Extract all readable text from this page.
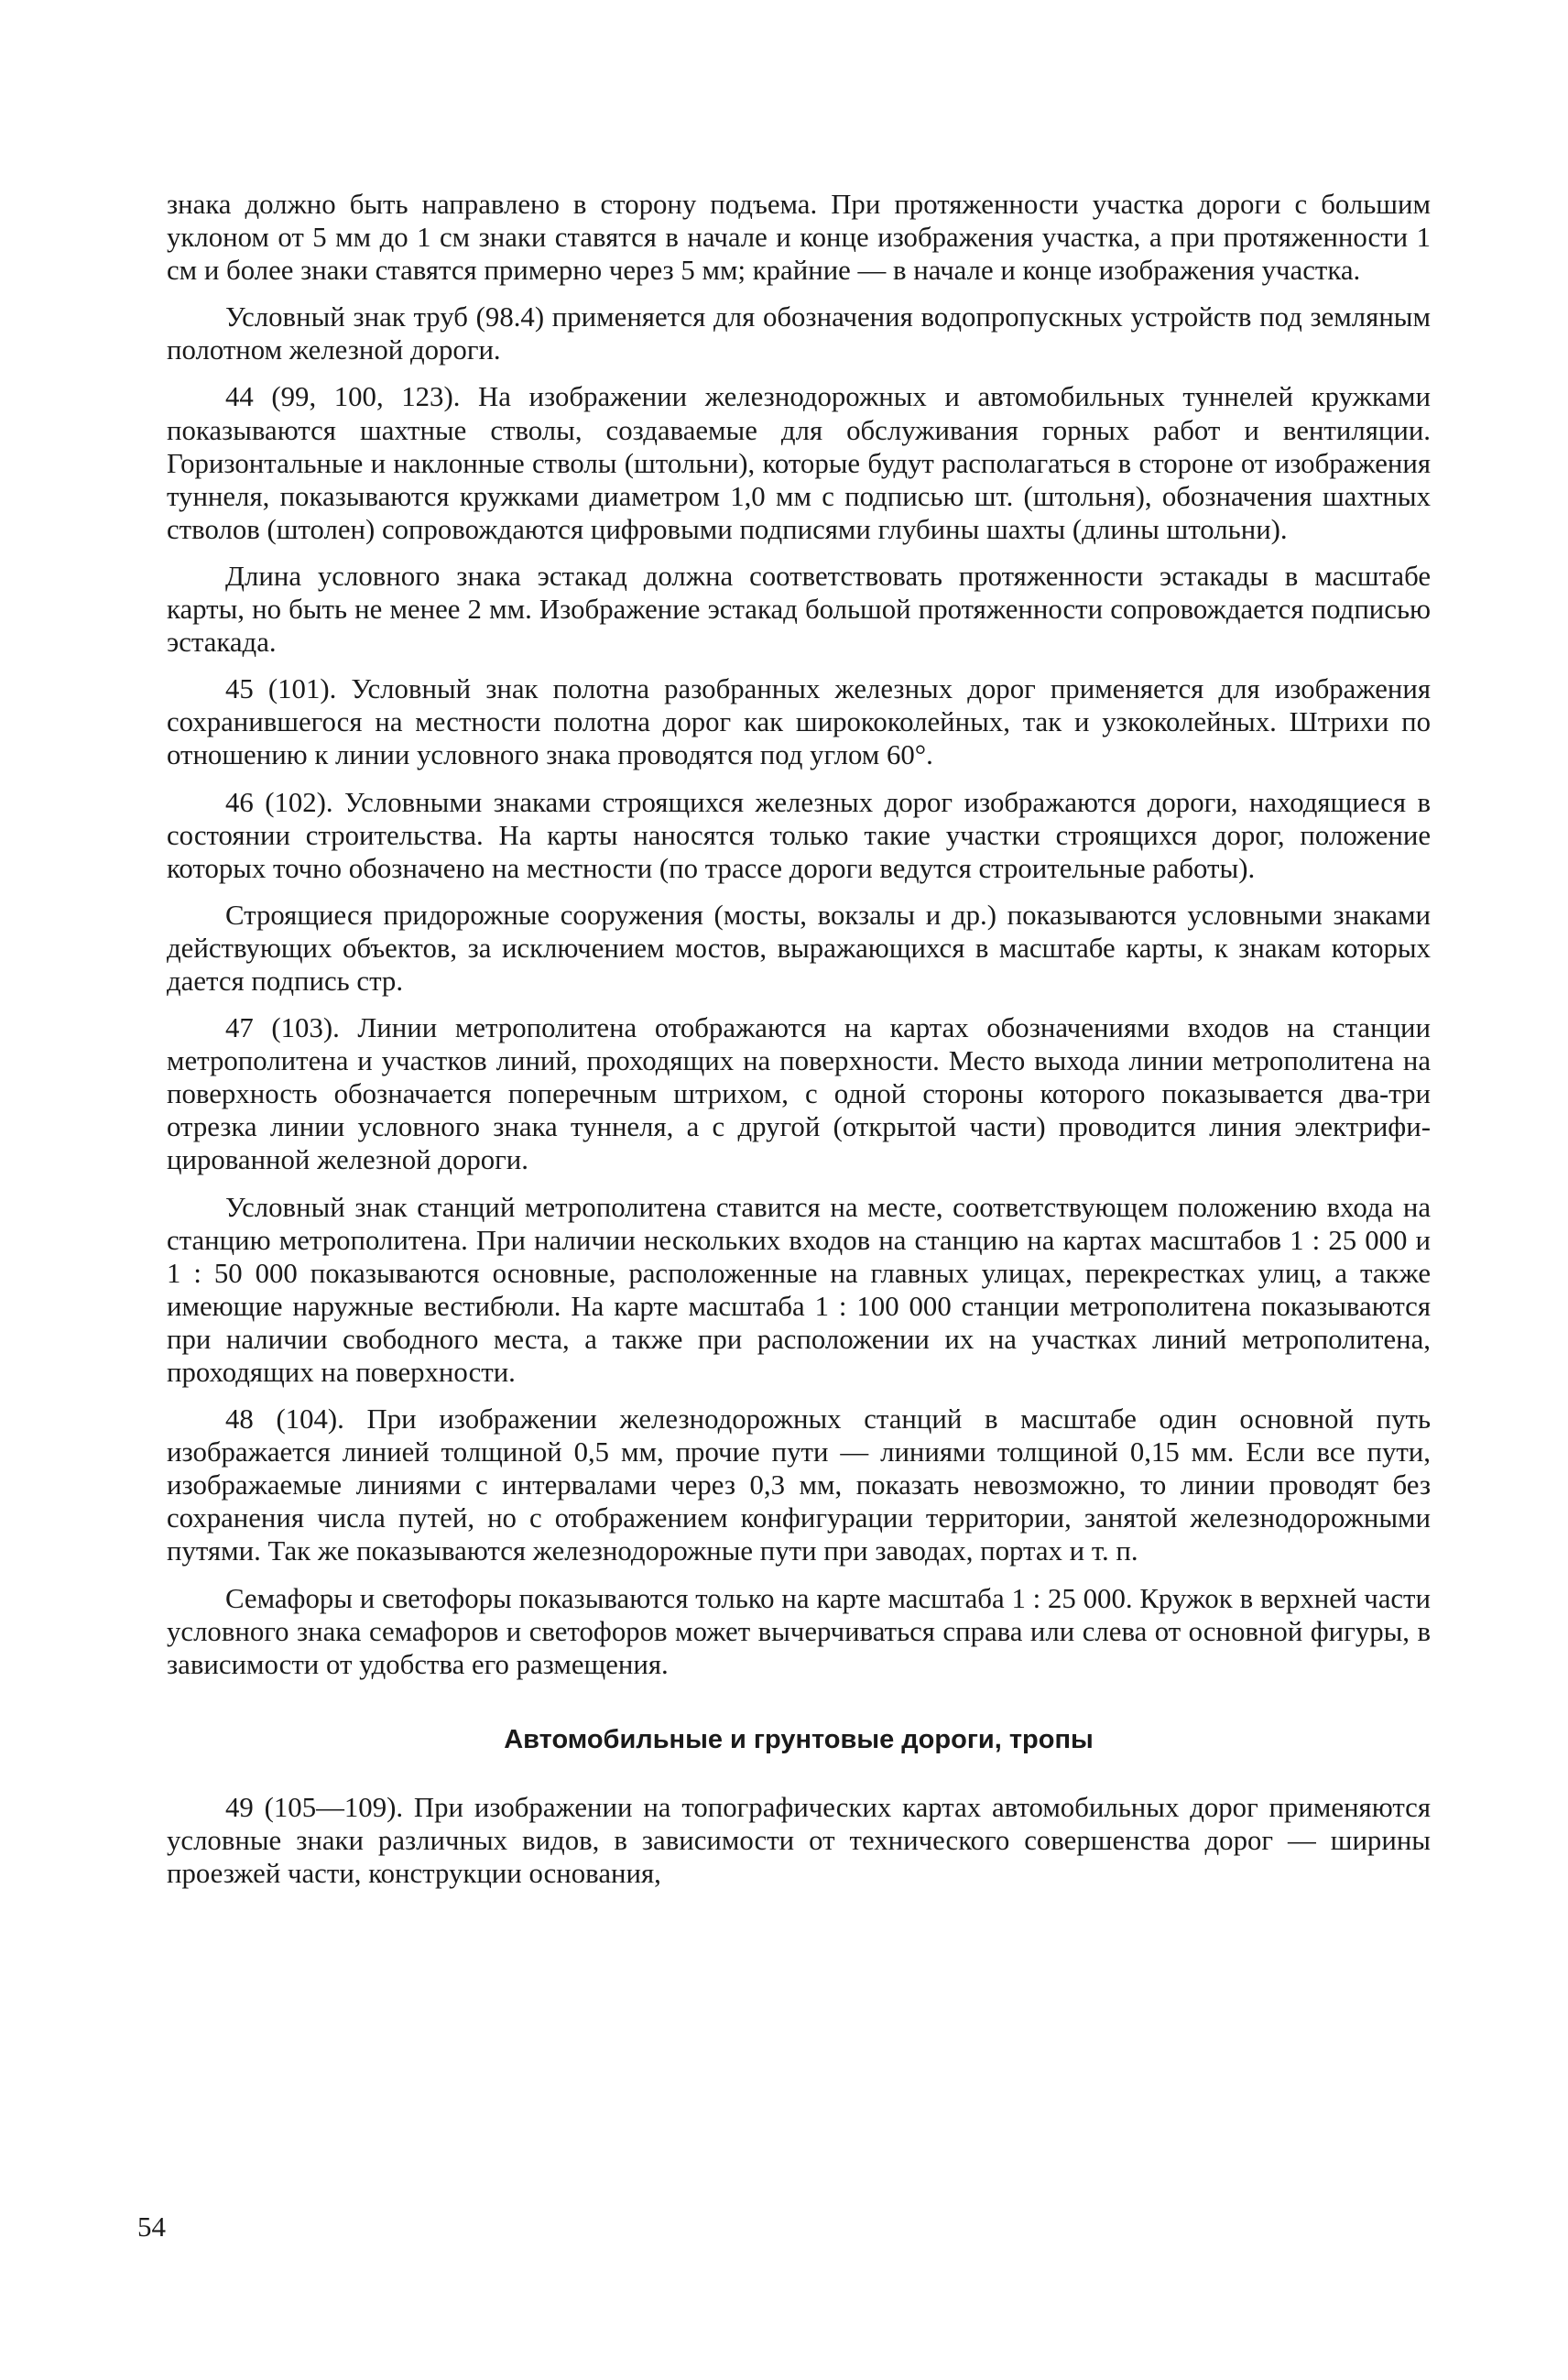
знака должно быть направлено в сторону подъема. При протяженности участка дороги с большим уклоном от 5 мм до 1 см знаки ставятся в начале и конце изображения участка, а при протяженности 1 см и более знаки ставятся примерно через 5 мм; крайние — в начале и конце изображения участка.

Условный знак труб (98.4) применяется для обозначения водопропускных устройств под земляным полотном железной дороги.

44 (99, 100, 123). На изображении железнодорожных и автомобильных туннелей кружками показываются шахтные стволы, создаваемые для обслуживания горных работ и вентиляции. Горизонтальные и наклонные стволы (штольни), которые будут располагаться в стороне от изображения туннеля, показываются кружками диаметром 1,0 мм с подписью шт. (штольня), обозначения шахтных стволов (штолен) сопровождаются цифровыми подписями глубины шахты (длины штольни).

Длина условного знака эстакад должна соответствовать протяженности эстакады в масштабе карты, но быть не менее 2 мм. Изображение эстакад большой протяженности сопровождается подписью эстакада.

45 (101). Условный знак полотна разобранных железных дорог применяется для изображения сохранившегося на местности полотна дорог как ширококолейных, так и узкоколейных. Штрихи по отношению к линии условного знака проводятся под углом 60°.

46 (102). Условными знаками строящихся железных дорог изображаются дороги, находящиеся в состоянии строительства. На карты наносятся только такие участки строящихся дорог, положение которых точно обозначено на местности (по трассе дороги ведутся строительные работы).

Строящиеся придорожные сооружения (мосты, вокзалы и др.) показываются условными знаками действующих объектов, за исключением мостов, выражающихся в масштабе карты, к знакам которых дается подпись стр.

47 (103). Линии метрополитена отображаются на картах обозначениями входов на станции метрополитена и участков линий, проходящих на поверхности. Место выхода линии метрополитена на поверхность обозначается поперечным штрихом, с одной стороны которого показывается два-три отрезка линии условного знака туннеля, а с другой (открытой части) проводится линия электрифицированной железной дороги.

Условный знак станций метрополитена ставится на месте, соответствующем положению входа на станцию метрополитена. При наличии нескольких входов на станцию на картах масштабов 1 : 25 000 и 1 : 50 000 показываются основные, расположенные на главных улицах, перекрестках улиц, а также имеющие наружные вестибюли. На карте масштаба 1 : 100 000 станции метрополитена показываются при наличии свободного места, а также при расположении их на участках линий метрополитена, проходящих на поверхности.

48 (104). При изображении железнодорожных станций в масштабе один основной путь изображается линией толщиной 0,5 мм, прочие пути — линиями толщиной 0,15 мм. Если все пути, изображаемые линиями с интервалами через 0,3 мм, показать невозможно, то линии проводят без сохранения числа путей, но с отображением конфигурации территории, занятой железнодорожными путями. Так же показываются железнодорожные пути при заводах, портах и т. п.

Семафоры и светофоры показываются только на карте масштаба 1 : 25 000. Кружок в верхней части условного знака семафоров и светофоров может вычерчиваться справа или слева от основной фигуры, в зависимости от удобства его размещения.

Автомобильные и грунтовые дороги, тропы

49 (105—109). При изображении на топографических картах автомобильных дорог применяются условные знаки различных видов, в зависимости от технического совершенства дорог — ширины проезжей части, конструкции основания,

54
